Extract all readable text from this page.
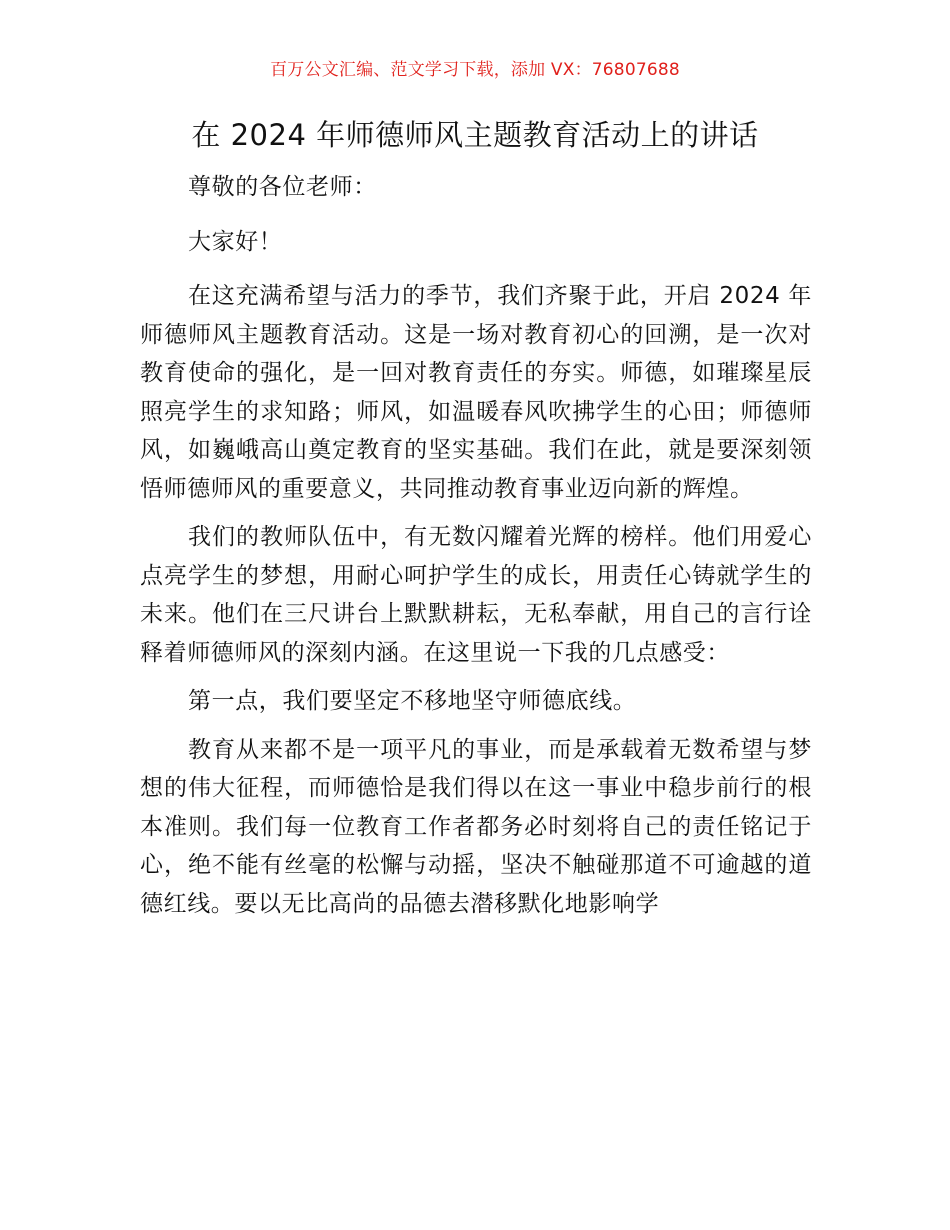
百万公文汇编、范文学习下载，添加 VX：76807688
在 2024 年师德师风主题教育活动上的讲话

尊敬的各位老师：

大家好！

在这充满希望与活力的季节，我们齐聚于此，开启 2024 年师德师风主题教育活动。这是一场对教育初心的回溯，是一次对教育使命的强化，是一回对教育责任的夯实。师德，如璀璨星辰照亮学生的求知路；师风，如温暖春风吹拂学生的心田；师德师风，如巍峨高山奠定教育的坚实基础。我们在此，就是要深刻领悟师德师风的重要意义，共同推动教育事业迈向新的辉煌。

我们的教师队伍中，有无数闪耀着光辉的榜样。他们用爱心点亮学生的梦想，用耐心呵护学生的成长，用责任心铸就学生的未来。他们在三尺讲台上默默耕耘，无私奉献，用自己的言行诠释着师德师风的深刻内涵。在这里说一下我的几点感受：

第一点，我们要坚定不移地坚守师德底线。

教育从来都不是一项平凡的事业，而是承载着无数希望与梦想的伟大征程，而师德恰是我们得以在这一事业中稳步前行的根本准则。我们每一位教育工作者都务必时刻将自己的责任铭记于心，绝不能有丝毫的松懈与动摇，坚决不触碰那道不可逾越的道德红线。要以无比高尚的品德去潜移默化地影响学
